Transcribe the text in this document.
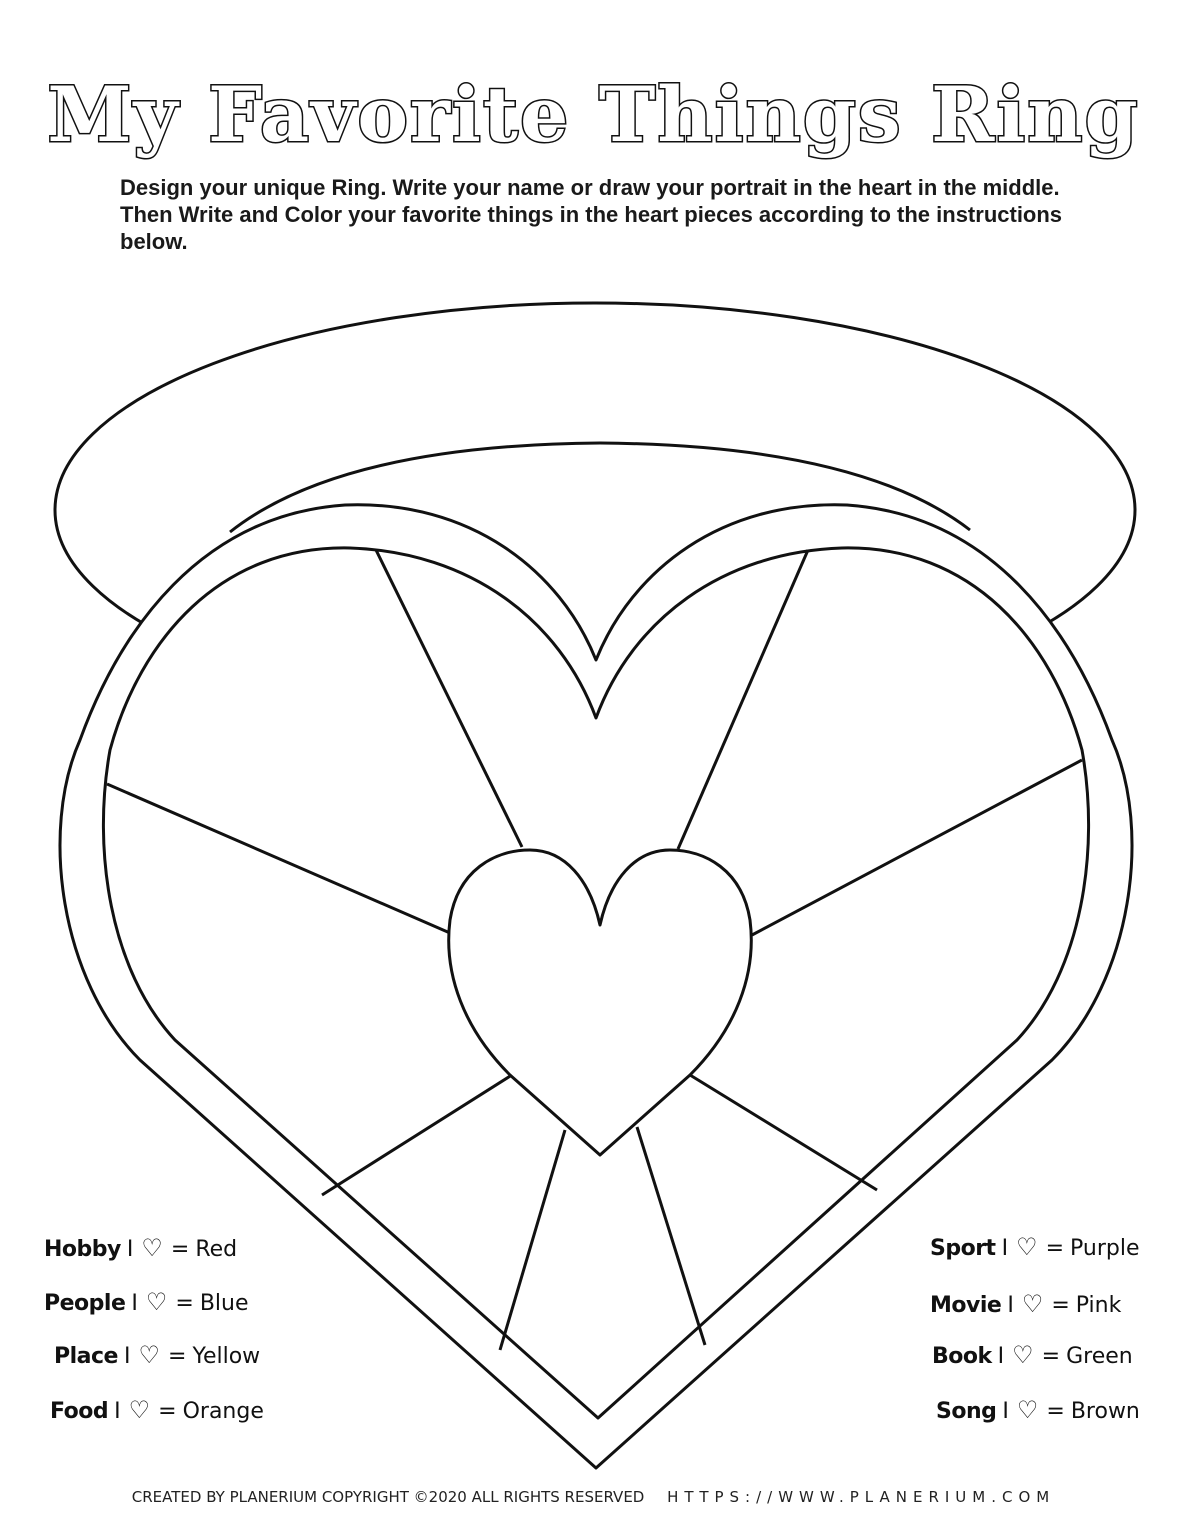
My Favorite Things Ring
Design your unique Ring. Write your name or draw your portrait in the heart in the middle. Then Write and Color your favorite things in the heart pieces according to the instructions below.
Hobby I ♡ = Red
People I ♡ = Blue
Place I ♡ = Yellow
Food I ♡ = Orange
Sport I ♡ = Purple
Movie I ♡ = Pink
Book I ♡ = Green
Song I ♡ = Brown
CREATED BY PLANERIUM COPYRIGHT ©2020 ALL RIGHTS RESERVED HTTPS://WWW.PLANERIUM.COM
